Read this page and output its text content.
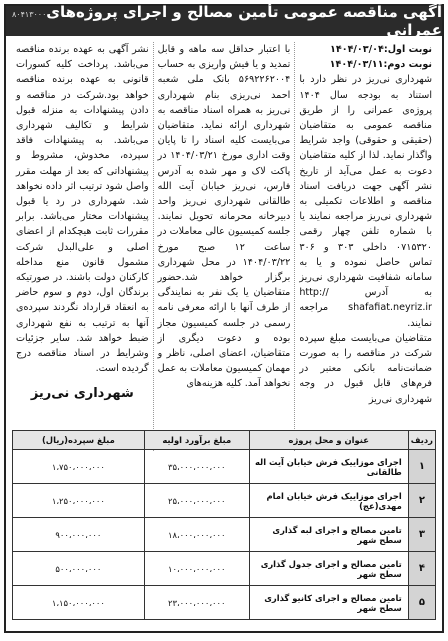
آگهی مناقصه عمومی تأمین مصالح و اجرای پروژه‌های عمرانی
۸۰۴۱۳۰۰۰۰

نوبت اول:۱۴۰۴/۰۳/۰۴

نوبت دوم:۱۴۰۴/۰۳/۱۱

شهرداری نی‌ریز در نظر دارد با استناد به بودجه سال ۱۴۰۴ پروژه‌ی عمرانی را از طریق مناقصه عمومی به متقاضیان (حقیقی و حقوقی) واجد شرایط واگذار نماید. لذا از کلیه متقاضیان دعوت به عمل می‌آید از تاریخ نشر آگهی جهت دریافت اسناد مناقصه و اطلاعات تکمیلی به شهرداری نی‌ریز مراجعه نمایند یا با شماره تلفن چهار رقمی ۰۷۱۵۳۲۰ داخلی ۳۰۳ و ۳۰۶ تماس حاصل نموده و یا به سامانه شفافیت شهرداری نی‌ریز به آدرس http:// shafafiat.neyriz.ir مراجعه نمایند.

متقاضیان می‌بایست مبلغ سپرده شرکت در مناقصه را به صورت ضمانت‌نامه بانکی معتبر در فرم‌های قابل قبول در وجه شهرداری نی‌ریز

با اعتبار حداقل سه ماهه و قابل تمدید و یا فیش واریزی به حساب ۵۶۹۲۲۶۲۰۰۴ بانک ملی شعبه احمد نی‌ریزی بنام شهرداری نی‌ریز به همراه اسناد مناقصه به شهرداری ارائه نماید. متقاضیان می‌بایست کلیه اسناد را تا پایان وقت اداری مورخ ۱۴۰۴/۰۳/۲۱ در پاکت لاک و مهر شده به آدرس فارس، نی‌ریز خیابان آیت الله طالقانی شهرداری نی‌ریز واحد دبیرخانه محرمانه تحویل نمایند. جلسه کمیسیون عالی معاملات در ساعت ۱۲ صبح مورخ ۱۴۰۴/۰۳/۲۲ در محل شهرداری برگزار خواهد شد.حضور متقاضیان یا یک نفر به نمایندگی از طرف آنها با ارائه معرفی نامه رسمی در جلسه کمیسیون مجاز بوده و دعوت دیگری از متقاضیان، اعضای اصلی، ناظر و مهمان کمیسیون معاملات به عمل نخواهد آمد. کلیه هزینه‌های

نشر آگهی به عهده برنده مناقصه می‌باشد. پرداخت کلیه کسورات قانونی به عهده برنده مناقصه خواهد بود.شرکت در مناقصه و دادن پیشنهادات به منزله قبول شرایط و تکالیف شهرداری می‌باشد. به پیشنهادات فاقد سپرده، مخدوش، مشروط و پیشنهاداتی که بعد از مهلت مقرر واصل شود ترتیب اثر داده نخواهد شد. شهرداری در رد یا قبول پیشنهادات مختار می‌باشد. برابر مقررات ثابت هیچکدام از اعضای اصلی و علی‌البدل شرکت مشمول قانون منع مداخله کارکنان دولت باشند. در صورتیکه برندگان اول، دوم و سوم حاضر به انعقاد قرارداد نگردند سپرده‌ی آنها به ترتیب به نفع شهرداری ضبط خواهد شد. سایر جزئیات وشرایط در اسناد مناقصه درج گردیده است.

شهرداری نی‌ریز
ردیف	عنوان و محل پروژه	مبلغ برآورد اولیه	مبلغ سپرده(ریال)
۱	اجرای موزاییک فرش خیابان آیت اله طالقانی	۳۵،۰۰۰،۰۰۰،۰۰۰	۱،۷۵۰،۰۰۰،۰۰۰
۲	اجرای موزاییک فرش خیابان امام مهدی(عج)	۲۵،۰۰۰،۰۰۰،۰۰۰	۱،۲۵۰،۰۰۰،۰۰۰
۳	تامین مصالح و اجرای لبه گذاری سطح شهر	۱۸،۰۰۰،۰۰۰،۰۰۰	۹۰۰،۰۰۰،۰۰۰
۴	تامین مصالح و اجرای جدول گذاری سطح شهر	۱۰،۰۰۰،۰۰۰،۰۰۰	۵۰۰،۰۰۰،۰۰۰
۵	تامین مصالح و اجرای کانیو گذاری سطح شهر	۲۳،۰۰۰،۰۰۰،۰۰۰	۱،۱۵۰،۰۰۰،۰۰۰
